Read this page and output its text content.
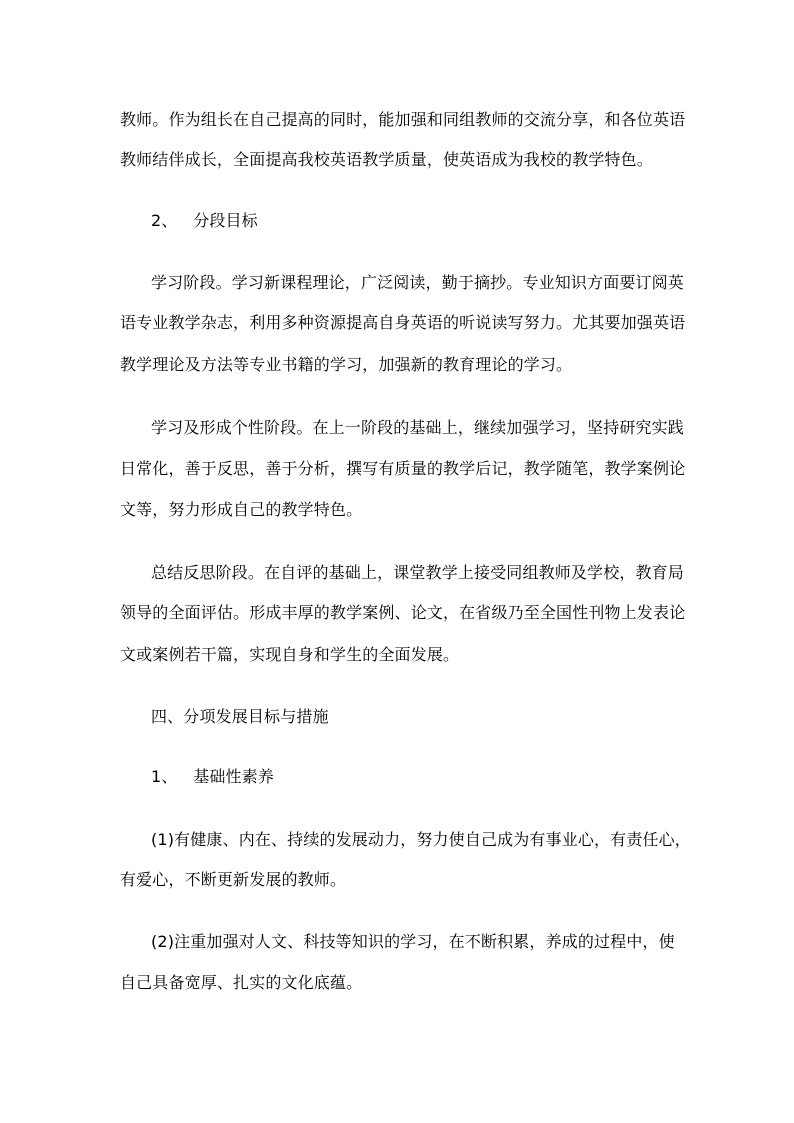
教师。作为组长在自己提高的同时，能加强和同组教师的交流分享，和各位英语
教师结伴成长，全面提高我校英语教学质量，使英语成为我校的教学特色。
2、   分段目标
学习阶段。学习新课程理论，广泛阅读，勤于摘抄。专业知识方面要订阅英
语专业教学杂志，利用多种资源提高自身英语的听说读写努力。尤其要加强英语
教学理论及方法等专业书籍的学习，加强新的教育理论的学习。
学习及形成个性阶段。在上一阶段的基础上，继续加强学习，坚持研究实践
日常化，善于反思，善于分析，撰写有质量的教学后记，教学随笔，教学案例论
文等，努力形成自己的教学特色。
总结反思阶段。在自评的基础上，课堂教学上接受同组教师及学校，教育局
领导的全面评估。形成丰厚的教学案例、论文，在省级乃至全国性刊物上发表论
文或案例若干篇，实现自身和学生的全面发展。
四、分项发展目标与措施
1、   基础性素养
(1)有健康、内在、持续的发展动力，努力使自己成为有事业心，有责任心，
有爱心，不断更新发展的教师。
(2)注重加强对人文、科技等知识的学习，在不断积累，养成的过程中，使
自己具备宽厚、扎实的文化底蕴。
